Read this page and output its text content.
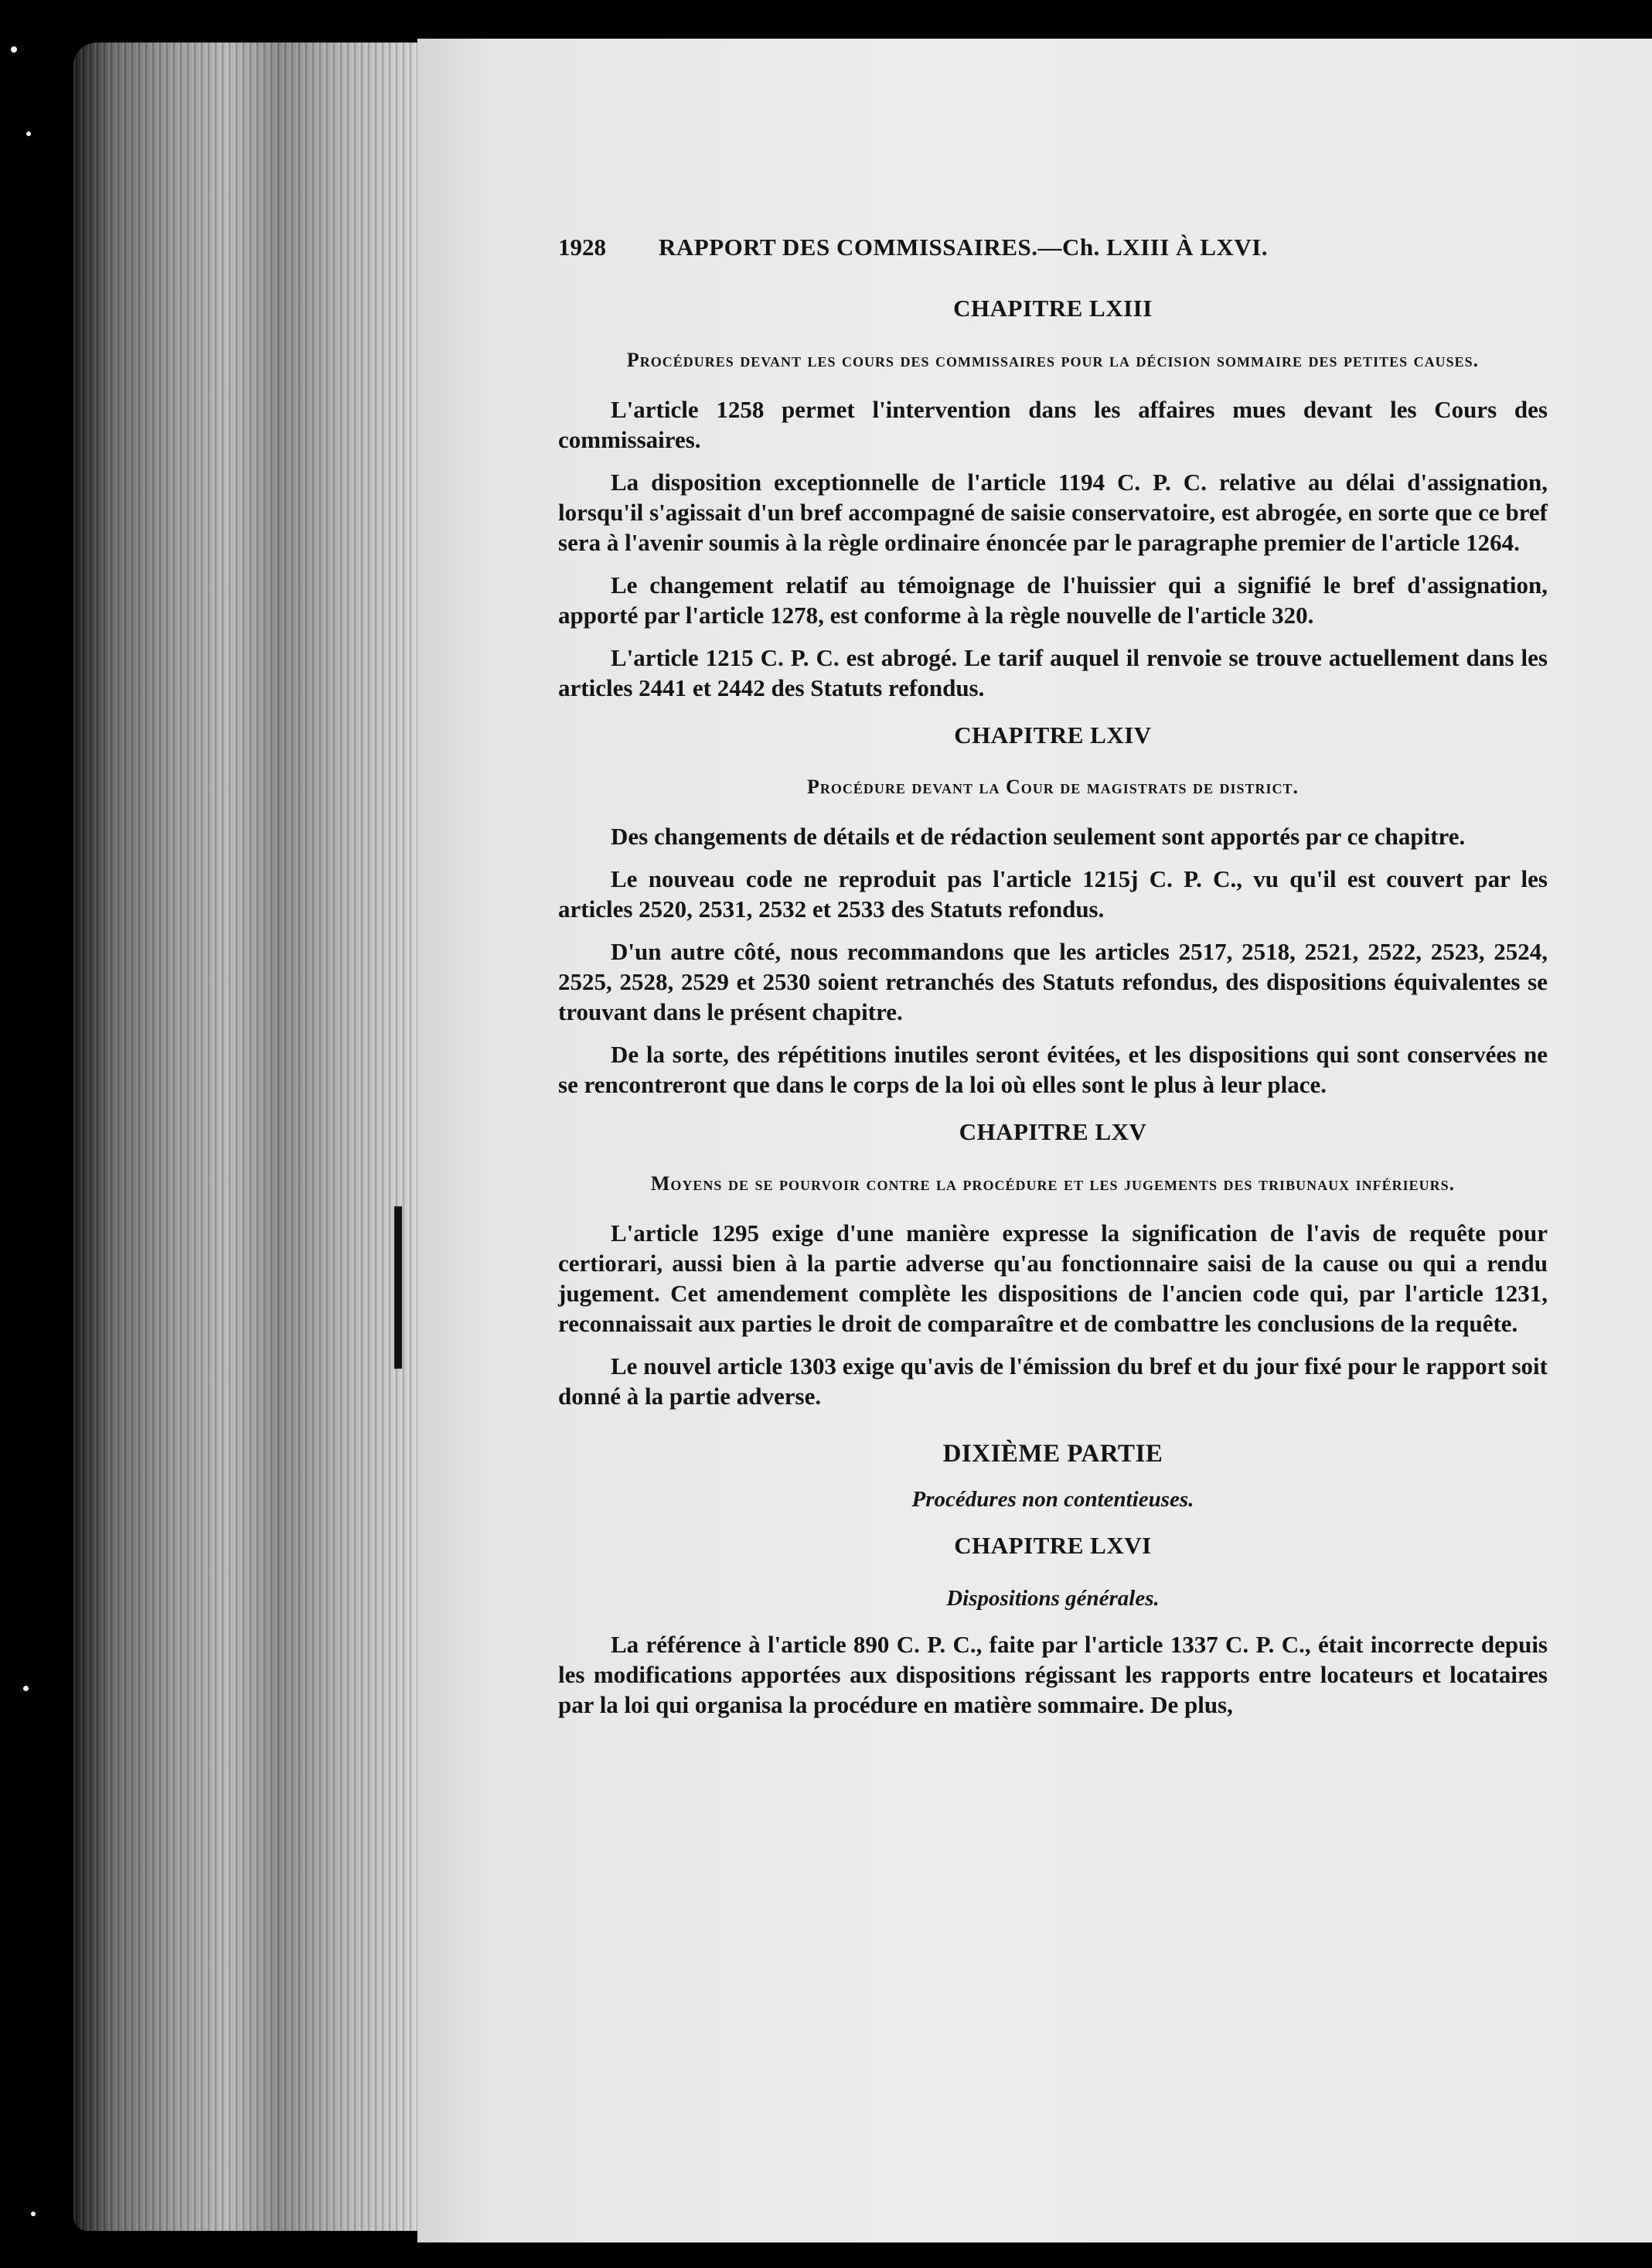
1928	RAPPORT DES COMMISSAIRES.—Ch. LXIII À LXVI.
CHAPITRE LXIII
Procédures devant les cours des commissaires pour la décision sommaire des petites causes.

L'article 1258 permet l'intervention dans les affaires mues devant les Cours des commissaires.

La disposition exceptionnelle de l'article 1194 C. P. C. relative au délai d'assignation, lorsqu'il s'agissait d'un bref accompagné de saisie conservatoire, est abrogée, en sorte que ce bref sera à l'avenir soumis à la règle ordinaire énoncée par le paragraphe premier de l'article 1264.

Le changement relatif au témoignage de l'huissier qui a signifié le bref d'assignation, apporté par l'article 1278, est conforme à la règle nouvelle de l'article 320.

L'article 1215 C. P. C. est abrogé. Le tarif auquel il renvoie se trouve actuellement dans les articles 2441 et 2442 des Statuts refondus.

CHAPITRE LXIV
Procédure devant la Cour de magistrats de district.

Des changements de détails et de rédaction seulement sont apportés par ce chapitre.

Le nouveau code ne reproduit pas l'article 1215j C. P. C., vu qu'il est couvert par les articles 2520, 2531, 2532 et 2533 des Statuts refondus.

D'un autre côté, nous recommandons que les articles 2517, 2518, 2521, 2522, 2523, 2524, 2525, 2528, 2529 et 2530 soient retranchés des Statuts refondus, des dispositions équivalentes se trouvant dans le présent chapitre.

De la sorte, des répétitions inutiles seront évitées, et les dispositions qui sont conservées ne se rencontreront que dans le corps de la loi où elles sont le plus à leur place.

CHAPITRE LXV
Moyens de se pourvoir contre la procédure et les jugements des tribunaux inférieurs.

L'article 1295 exige d'une manière expresse la signification de l'avis de requête pour certiorari, aussi bien à la partie adverse qu'au fonctionnaire saisi de la cause ou qui a rendu jugement. Cet amendement complète les dispositions de l'ancien code qui, par l'article 1231, reconnaissait aux parties le droit de comparaître et de combattre les conclusions de la requête.

Le nouvel article 1303 exige qu'avis de l'émission du bref et du jour fixé pour le rapport soit donné à la partie adverse.

DIXIÈME PARTIE
Procédures non contentieuses.
CHAPITRE LXVI
Dispositions générales.

La référence à l'article 890 C. P. C., faite par l'article 1337 C. P. C., était incorrecte depuis les modifications apportées aux dispositions régissant les rapports entre locateurs et locataires par la loi qui organisa la procédure en matière sommaire. De plus,
